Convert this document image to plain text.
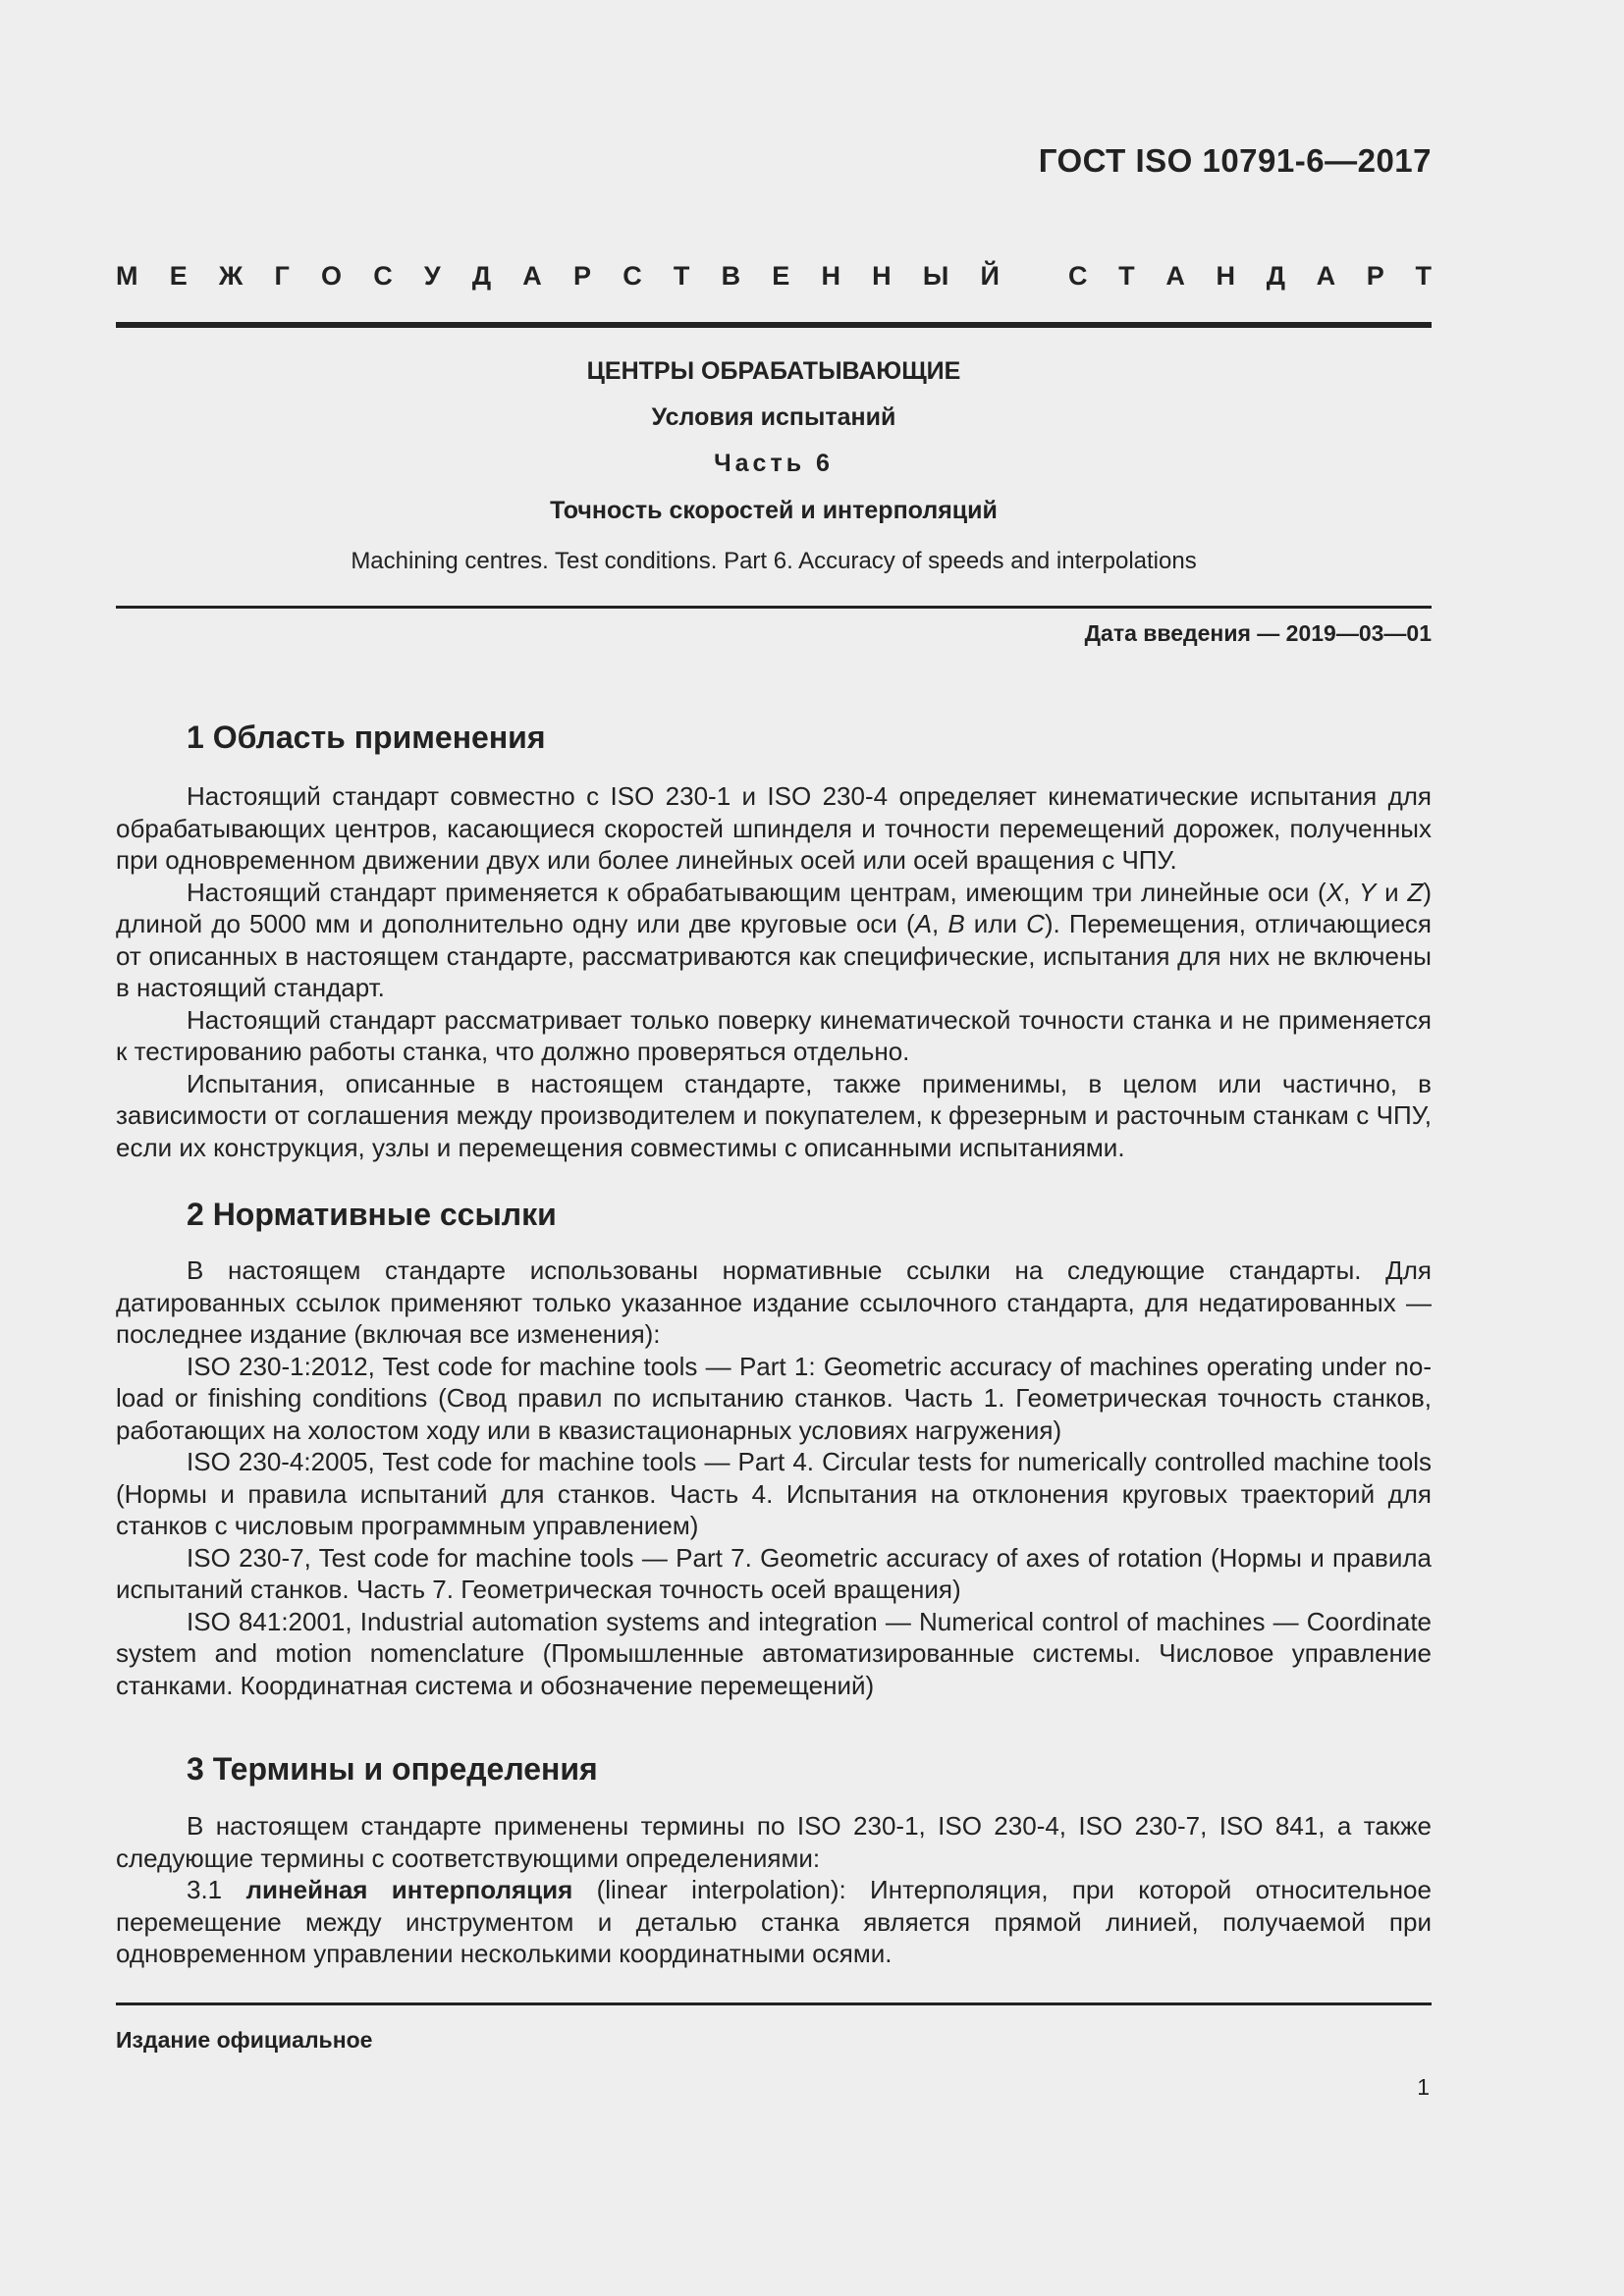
ГОСТ ISO 10791-6—2017
М Е Ж Г О С У Д А Р С Т В Е Н Н Ы Й	С Т А Н Д А Р Т
ЦЕНТРЫ ОБРАБАТЫВАЮЩИЕ
Условия испытаний
Часть 6
Точность скоростей и интерполяций
Machining centres. Test conditions. Part 6. Accuracy of speeds and interpolations
Дата введения — 2019—03—01
1 Область применения

Настоящий стандарт совместно с ISO 230-1 и ISO 230-4 определяет кинематические испытания для обрабатывающих центров, касающиеся скоростей шпинделя и точности перемещений дорожек, полученных при одновременном движении двух или более линейных осей или осей вращения с ЧПУ.

Настоящий стандарт применяется к обрабатывающим центрам, имеющим три линейные оси (X, Y и Z) длиной до 5000 мм и дополнительно одну или две круговые оси (A, B или C). Перемещения, отличающиеся от описанных в настоящем стандарте, рассматриваются как специфические, испытания для них не включены в настоящий стандарт.

Настоящий стандарт рассматривает только поверку кинематической точности станка и не применяется к тестированию работы станка, что должно проверяться отдельно.

Испытания, описанные в настоящем стандарте, также применимы, в целом или частично, в зависимости от соглашения между производителем и покупателем, к фрезерным и расточным станкам с ЧПУ, если их конструкция, узлы и перемещения совместимы с описанными испытаниями.

2 Нормативные ссылки

В настоящем стандарте использованы нормативные ссылки на следующие стандарты. Для датированных ссылок применяют только указанное издание ссылочного стандарта, для недатированных — последнее издание (включая все изменения):

ISO 230-1:2012, Test code for machine tools — Part 1: Geometric accuracy of machines operating under no-load or finishing conditions (Свод правил по испытанию станков. Часть 1. Геометрическая точность станков, работающих на холостом ходу или в квазистационарных условиях нагружения)

ISO 230-4:2005, Test code for machine tools — Part 4. Circular tests for numerically controlled machine tools (Нормы и правила испытаний для станков. Часть 4. Испытания на отклонения круговых траекторий для станков с числовым программным управлением)

ISO 230-7, Test code for machine tools — Part 7. Geometric accuracy of axes of rotation (Нормы и правила испытаний станков. Часть 7. Геометрическая точность осей вращения)

ISO 841:2001, Industrial automation systems and integration — Numerical control of machines — Coordinate system and motion nomenclature (Промышленные автоматизированные системы. Числовое управление станками. Координатная система и обозначение перемещений)

3 Термины и определения

В настоящем стандарте применены термины по ISO 230-1, ISO 230-4, ISO 230-7, ISO 841, а также следующие термины с соответствующими определениями:

3.1 линейная интерполяция (linear interpolation): Интерполяция, при которой относительное перемещение между инструментом и деталью станка является прямой линией, получаемой при одновременном управлении несколькими координатными осями.

Издание официальное
1
